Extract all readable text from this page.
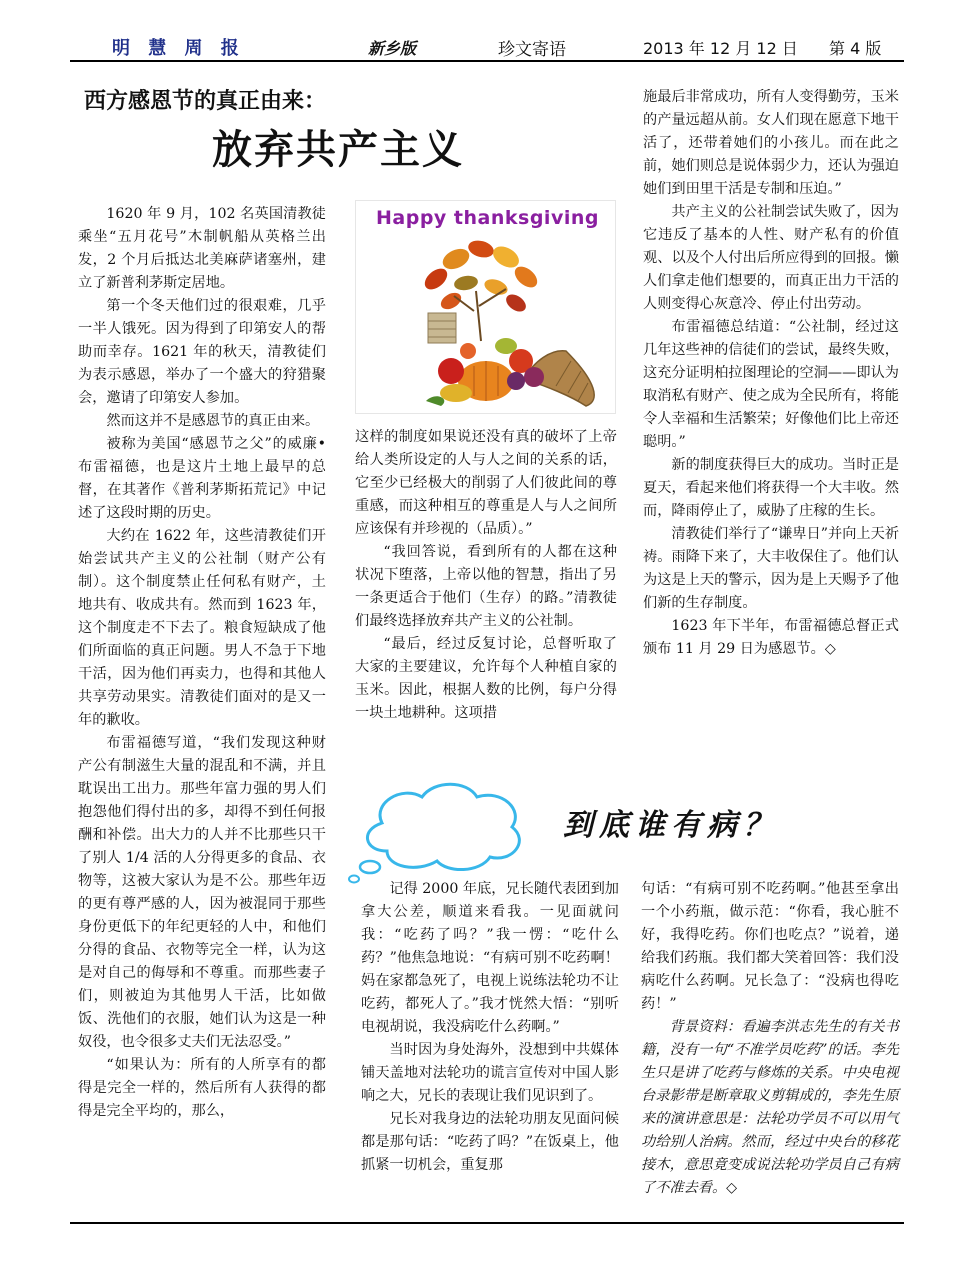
明 慧 周 报	新乡版	珍文寄语	2013 年 12 月 12 日 第 4 版
西方感恩节的真正由来：
放弃共产主义
Happy thanksgiving

1620 年 9 月，102 名英国清教徒乘坐“五月花号”木制帆船从英格兰出发，2 个月后抵达北美麻萨诸塞州，建立了新普利茅斯定居地。

第一个冬天他们过的很艰难，几乎一半人饿死。因为得到了印第安人的帮助而幸存。1621 年的秋天，清教徒们为表示感恩，举办了一个盛大的狩猎聚会，邀请了印第安人参加。

然而这并不是感恩节的真正由来。

被称为美国“感恩节之父”的威廉•布雷福德，也是这片土地上最早的总督，在其著作《普利茅斯拓荒记》中记述了这段时期的历史。

大约在 1622 年，这些清教徒们开始尝试共产主义的公社制（财产公有制）。这个制度禁止任何私有财产，土地共有、收成共有。然而到 1623 年，这个制度走不下去了。粮食短缺成了他们所面临的真正问题。男人不急于下地干活，因为他们再卖力，也得和其他人共享劳动果实。清教徒们面对的是又一年的歉收。

布雷福德写道，“我们发现这种财产公有制滋生大量的混乱和不满，并且耽误出工出力。那些年富力强的男人们抱怨他们得付出的多，却得不到任何报酬和补偿。出大力的人并不比那些只干了别人 1/4 活的人分得更多的食品、衣物等，这被大家认为是不公。那些年迈的更有尊严感的人，因为被混同于那些身份更低下的年纪更轻的人中，和他们分得的食品、衣物等完全一样，认为这是对自己的侮辱和不尊重。而那些妻子们，则被迫为其他男人干活，比如做饭、洗他们的衣服，她们认为这是一种奴役，也令很多丈夫们无法忍受。”

“如果认为：所有的人所享有的都得是完全一样的，然后所有人获得的都得是完全平均的，那么，

这样的制度如果说还没有真的破坏了上帝给人类所设定的人与人之间的关系的话，它至少已经极大的削弱了人们彼此间的尊重感，而这种相互的尊重是人与人之间所应该保有并珍视的（品质）。”

“我回答说，看到所有的人都在这种状况下堕落，上帝以他的智慧，指出了另一条更适合于他们（生存）的路。”清教徒们最终选择放弃共产主义的公社制。

“最后，经过反复讨论，总督听取了大家的主要建议，允许每个人种植自家的玉米。因此，根据人数的比例，每户分得一块土地耕种。这项措

施最后非常成功，所有人变得勤劳，玉米的产量远超从前。女人们现在愿意下地干活了，还带着她们的小孩儿。而在此之前，她们则总是说体弱少力，还认为强迫她们到田里干活是专制和压迫。”

共产主义的公社制尝试失败了，因为它违反了基本的人性、财产私有的价值观、以及个人付出后所应得到的回报。懒人们拿走他们想要的，而真正出力干活的人则变得心灰意冷、停止付出劳动。

布雷福德总结道：“公社制，经过这几年这些神的信徒们的尝试，最终失败，这充分证明柏拉图理论的空洞——即认为取消私有财产、使之成为全民所有，将能令人幸福和生活繁荣；好像他们比上帝还聪明。”

新的制度获得巨大的成功。当时正是夏天，看起来他们将获得一个大丰收。然而，降雨停止了，威胁了庄稼的生长。

清教徒们举行了“谦卑日”并向上天祈祷。雨降下来了，大丰收保住了。他们认为这是上天的警示，因为是上天赐予了他们新的生存制度。

1623 年下半年，布雷福德总督正式颁布 11 月 29 日为感恩节。◇

到底谁有病？

记得 2000 年底，兄长随代表团到加拿大公差，顺道来看我。一见面就问我：“吃药了吗？”我一愣：“吃什么药？”他焦急地说：“有病可别不吃药啊！妈在家都急死了，电视上说练法轮功不让吃药，都死人了。”我才恍然大悟：“别听电视胡说，我没病吃什么药啊。”

当时因为身处海外，没想到中共媒体铺天盖地对法轮功的谎言宣传对中国人影响之大，兄长的表现让我们见识到了。

兄长对我身边的法轮功朋友见面问候都是那句话：“吃药了吗？”在饭桌上，他抓紧一切机会，重复那

句话：“有病可别不吃药啊。”他甚至拿出一个小药瓶，做示范：“你看，我心脏不好，我得吃药。你们也吃点？”说着，递给我们药瓶。我们都大笑着回答：我们没病吃什么药啊。兄长急了：“没病也得吃药！”

背景资料：看遍李洪志先生的有关书籍，没有一句“不准学员吃药”的话。李先生只是讲了吃药与修炼的关系。中央电视台录影带是断章取义剪辑成的，李先生原来的演讲意思是：法轮功学员不可以用气功给别人治病。然而，经过中央台的移花接木，意思竟变成说法轮功学员自己有病了不准去看。◇
